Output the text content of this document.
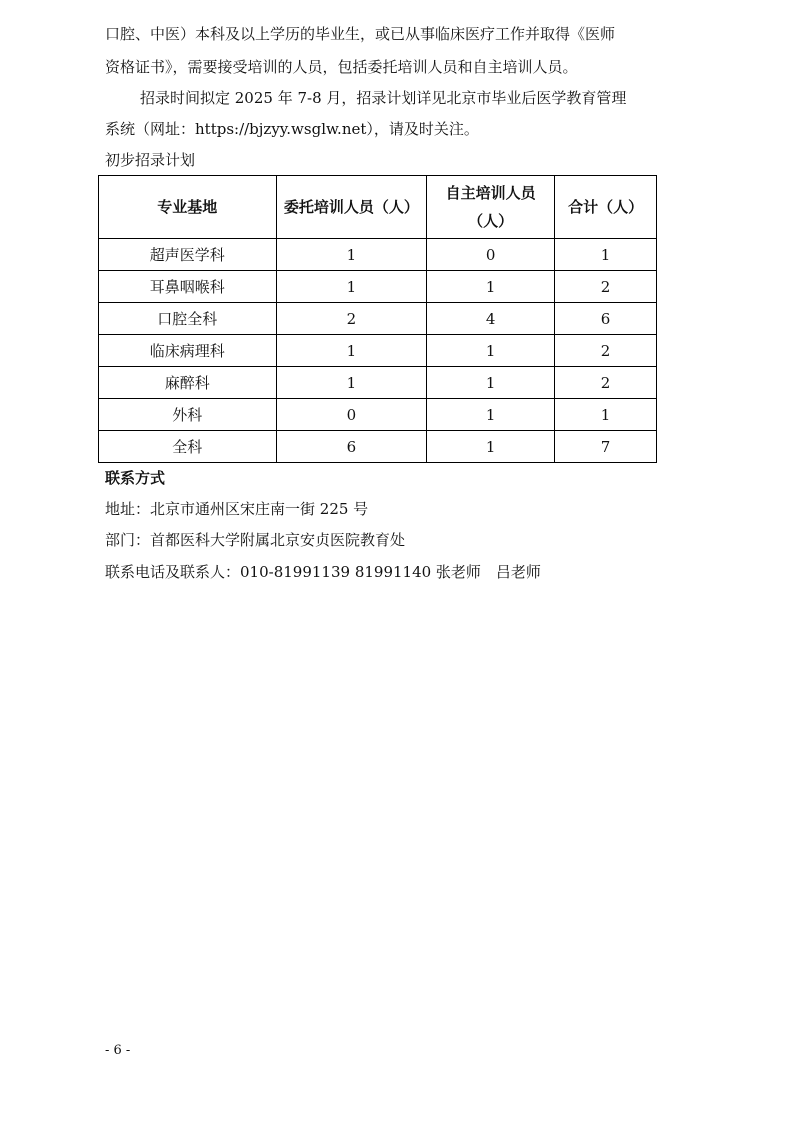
口腔、中医）本科及以上学历的毕业生，或已从事临床医疗工作并取得《医师
资格证书》，需要接受培训的人员，包括委托培训人员和自主培训人员。
招录时间拟定 2025 年 7-8 月，招录计划详见北京市毕业后医学教育管理
系统（网址：https://bjzyy.wsglw.net），请及时关注。
初步招录计划
专业基地	委托培训人员（人）	自主培训人员（人）	合计（人）
超声医学科	1	0	1
耳鼻咽喉科	1	1	2
口腔全科	2	4	6
临床病理科	1	1	2
麻醉科	1	1	2
外科	0	1	1
全科	6	1	7
联系方式
地址：北京市通州区宋庄南一街 225 号
部门：首都医科大学附属北京安贞医院教育处
联系电话及联系人：010-81991139 81991140 张老师　吕老师
- 6 -
